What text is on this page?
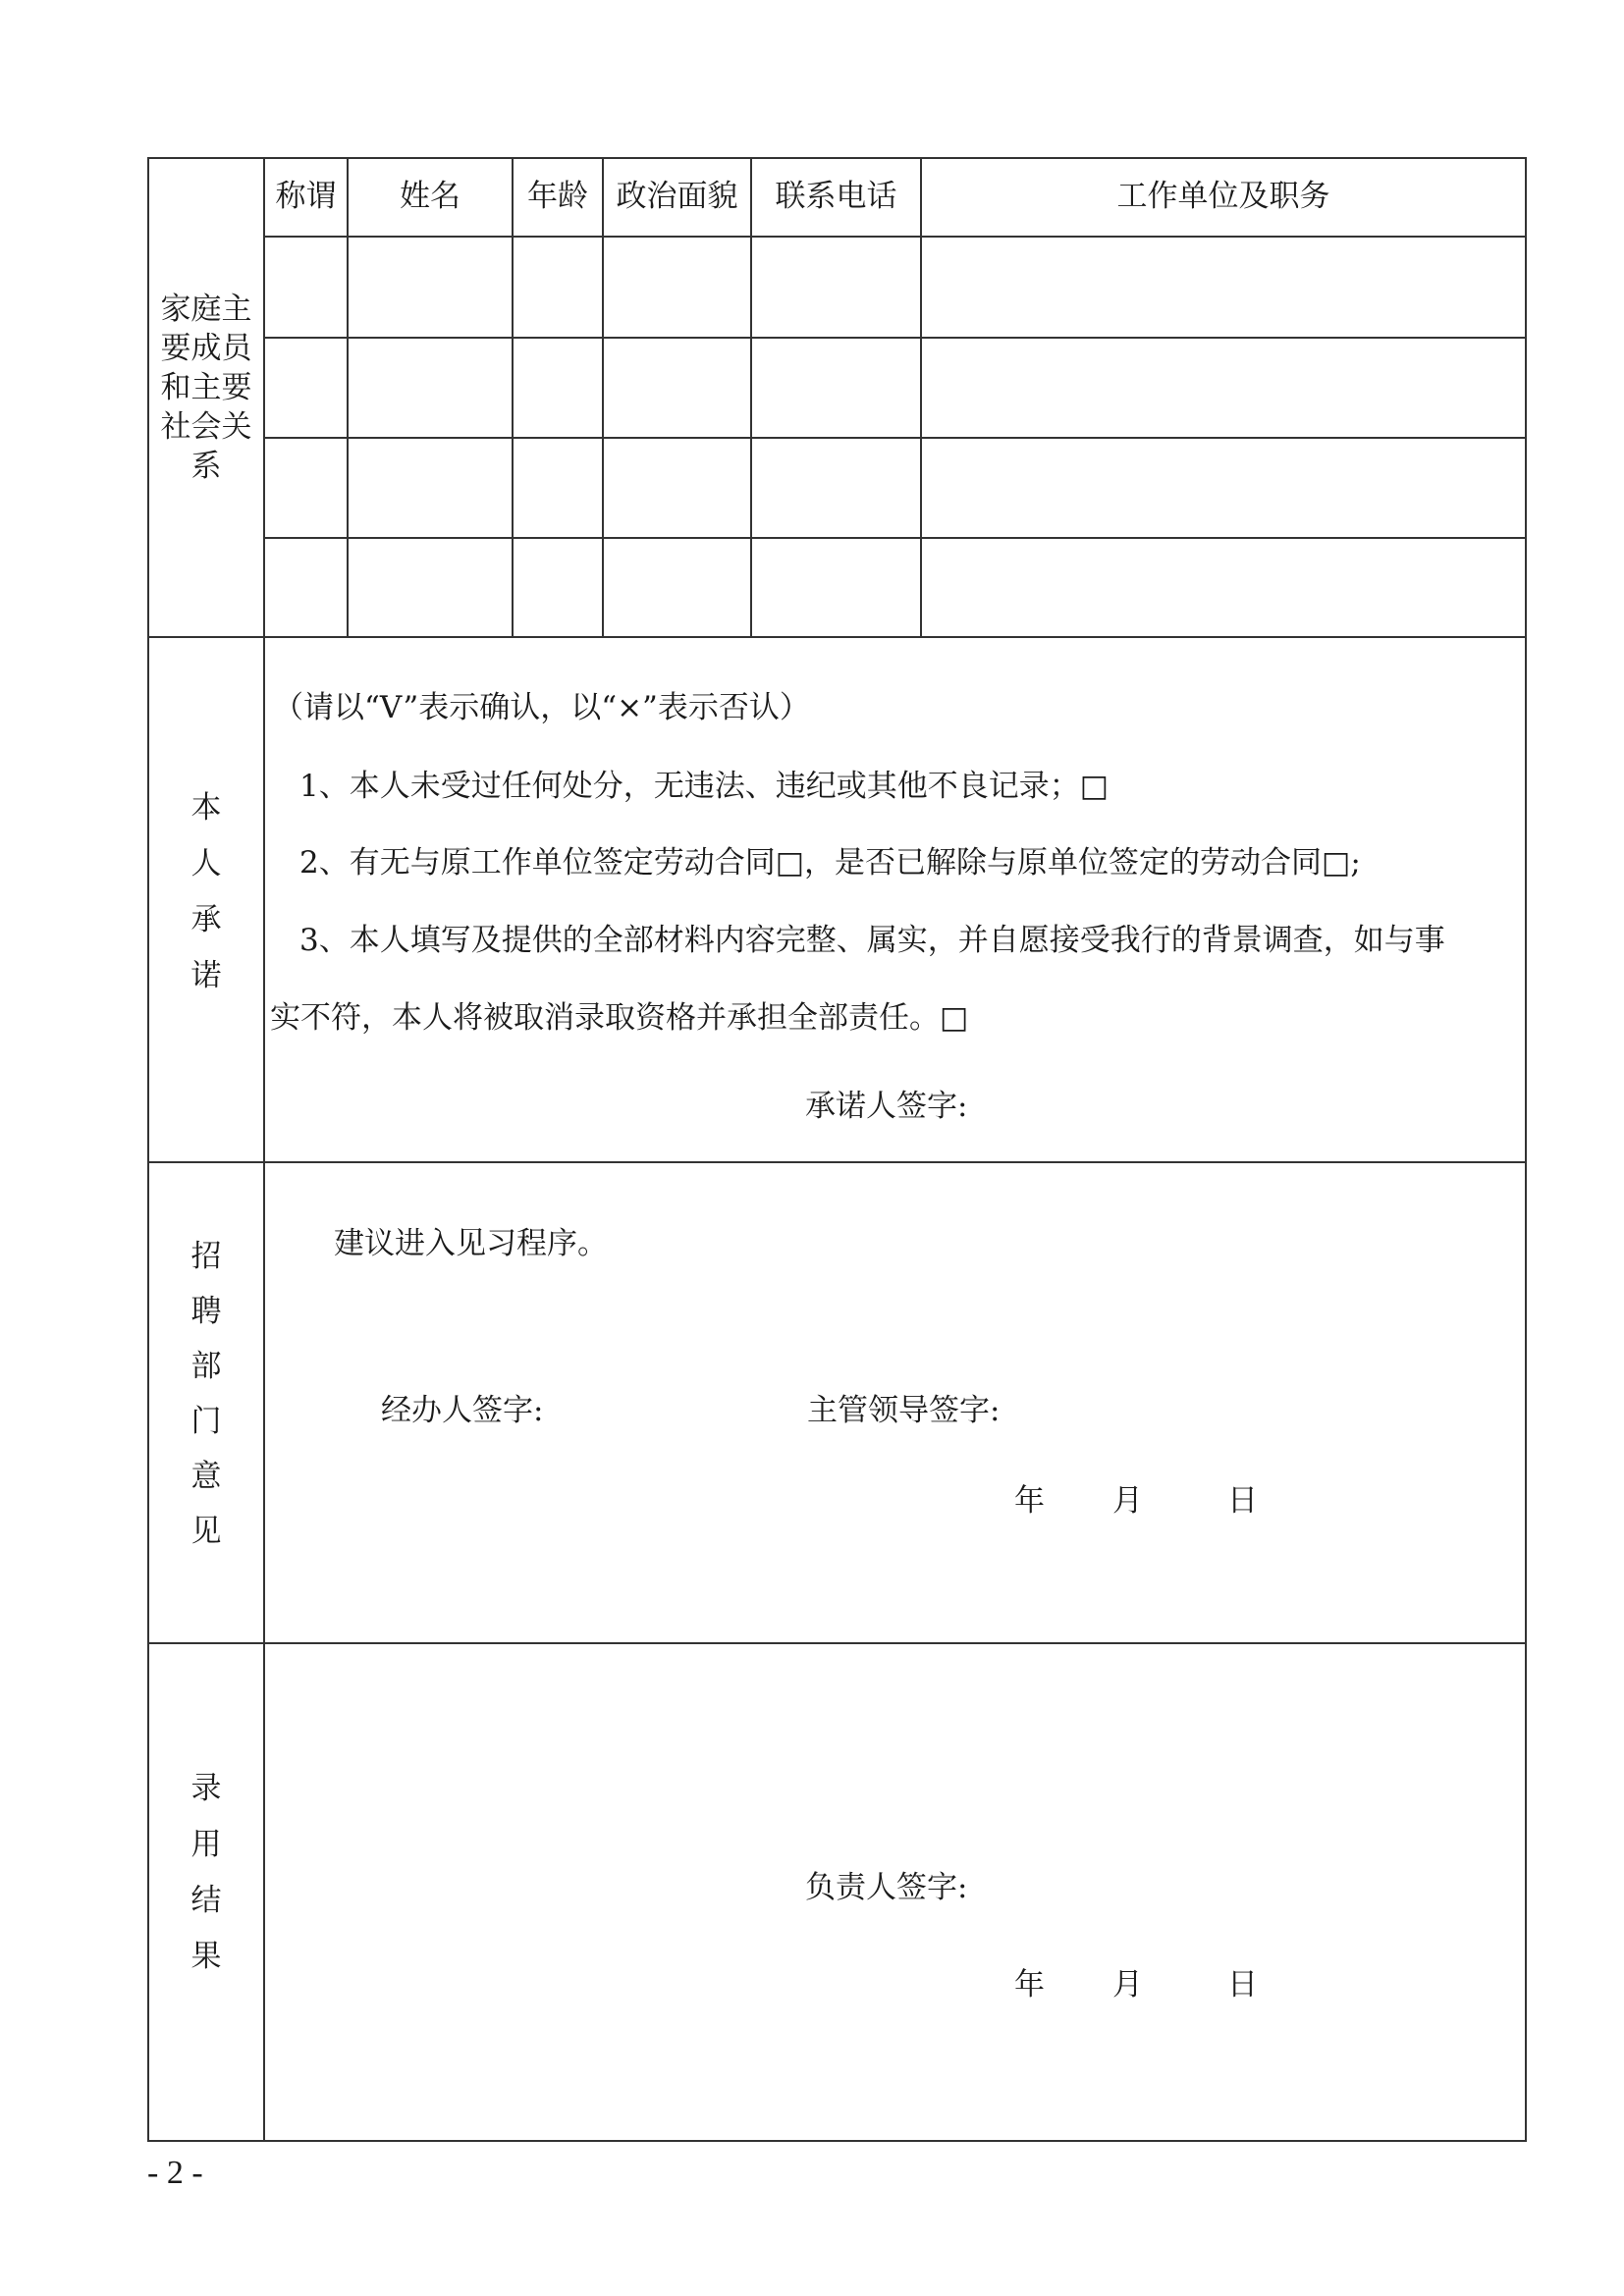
家庭主
要成员
和主要
社会关
系
称谓	姓名	年龄 政治面貌	联系电话	工作单位及职务
本
人
承
诺
（请以“V”表示确认，以“×”表示否认）
1、本人未受过任何处分，无违法、违纪或其他不良记录；□
2、有无与原工作单位签定劳动合同□，是否已解除与原单位签定的劳动合同□;
3、本人填写及提供的全部材料内容完整、属实，并自愿接受我行的背景调查，如与事
实不符，本人将被取消录取资格并承担全部责任。□
承诺人签字:
招
聘
部
门
意
见
建议进入见习程序。
经办人签字:	主管领导签字:
年 月	日
录
用
结
果
负责人签字:
年 月	日
- 2 -
